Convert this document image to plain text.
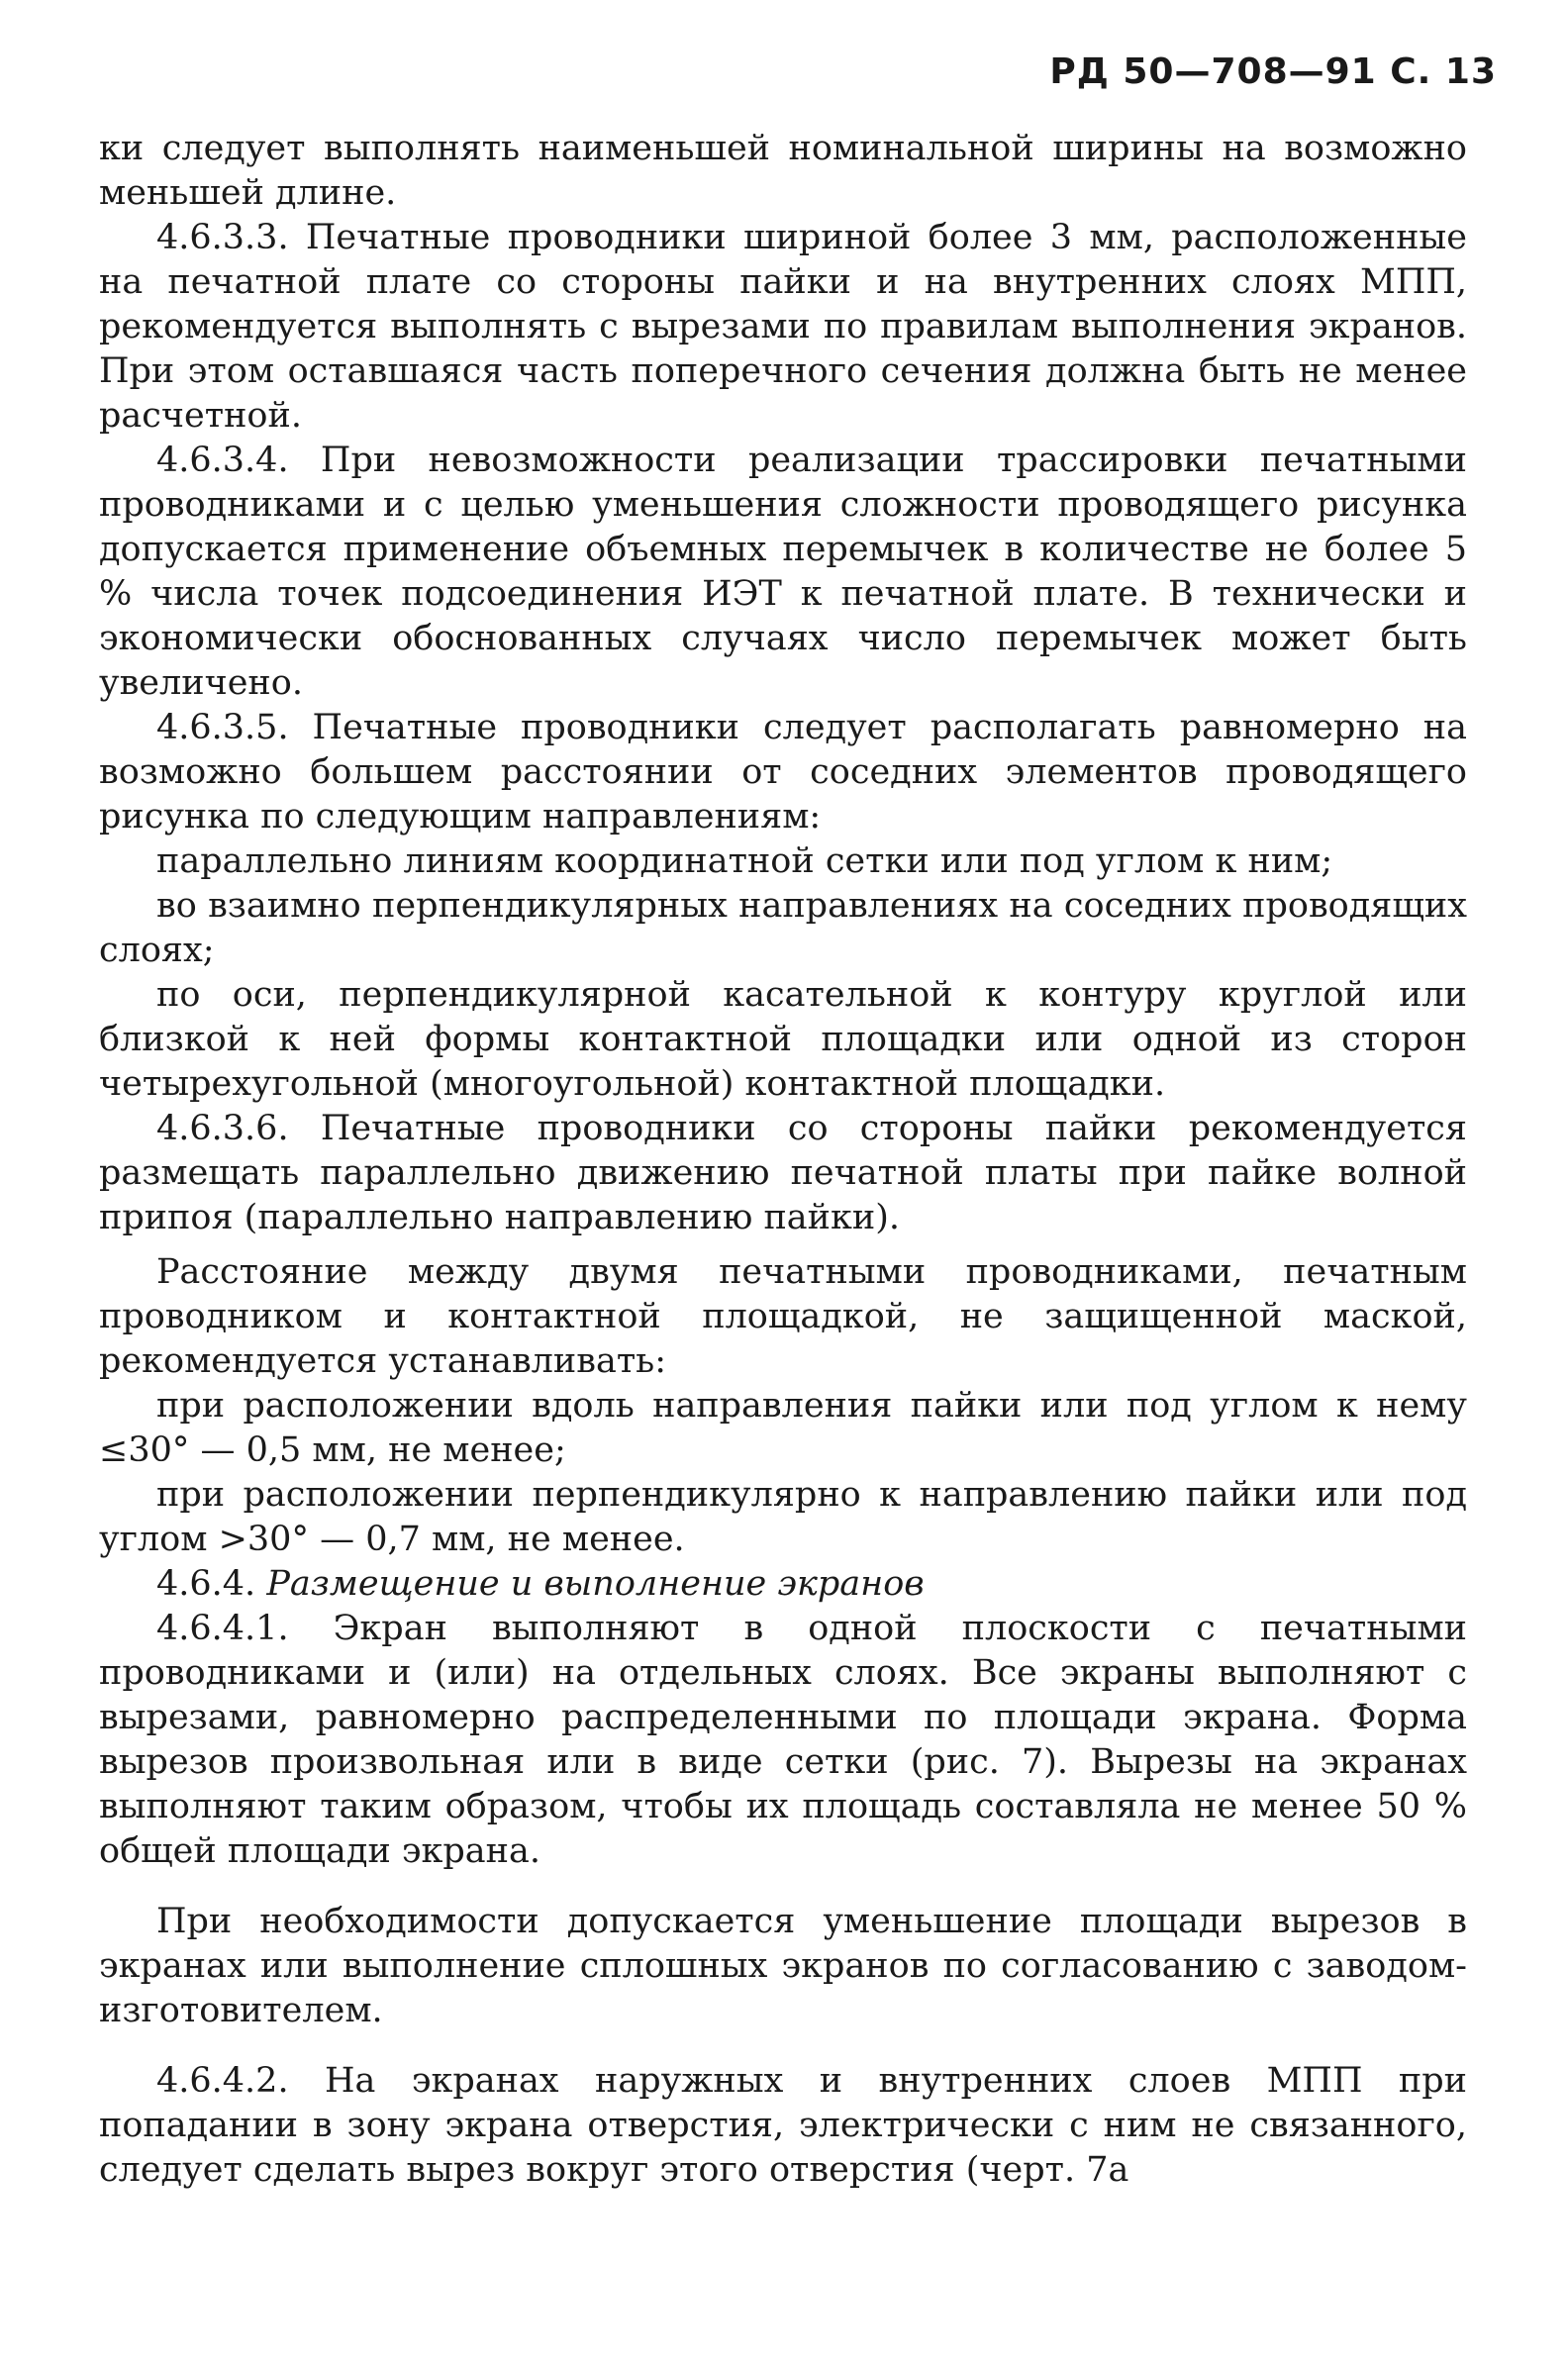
РД 50—708—91 С. 13

ки следует выполнять наименьшей номинальной ширины на возможно меньшей длине.

4.6.3.3. Печатные проводники шириной более 3 мм, расположенные на печатной плате со стороны пайки и на внутренних слоях МПП, рекомендуется выполнять с вырезами по правилам выполнения экранов. При этом оставшаяся часть поперечного сечения должна быть не менее расчетной.

4.6.3.4. При невозможности реализации трассировки печатными проводниками и с целью уменьшения сложности проводящего рисунка допускается применение объемных перемычек в количестве не более 5 % числа точек подсоединения ИЭТ к печатной плате. В технически и экономически обоснованных случаях число перемычек может быть увеличено.

4.6.3.5. Печатные проводники следует располагать равномерно на возможно большем расстоянии от соседних элементов проводящего рисунка по следующим направлениям:

параллельно линиям координатной сетки или под углом к ним;

во взаимно перпендикулярных направлениях на соседних проводящих слоях;

по оси, перпендикулярной касательной к контуру круглой или близкой к ней формы контактной площадки или одной из сторон четырехугольной (многоугольной) контактной площадки.

4.6.3.6. Печатные проводники со стороны пайки рекомендуется размещать параллельно движению печатной платы при пайке волной припоя (параллельно направлению пайки).

Расстояние между двумя печатными проводниками, печатным проводником и контактной площадкой, не защищенной маской, рекомендуется устанавливать:

при расположении вдоль направления пайки или под углом к нему ≤30° — 0,5 мм, не менее;

при расположении перпендикулярно к направлению пайки или под углом >30° — 0,7 мм, не менее.

4.6.4. Размещение и выполнение экранов

4.6.4.1. Экран выполняют в одной плоскости с печатными проводниками и (или) на отдельных слоях. Все экраны выполняют с вырезами, равномерно распределенными по площади экрана. Форма вырезов произвольная или в виде сетки (рис. 7). Вырезы на экранах выполняют таким образом, чтобы их площадь составляла не менее 50 % общей площади экрана.

При необходимости допускается уменьшение площади вырезов в экранах или выполнение сплошных экранов по согласованию с заводом-изготовителем.

4.6.4.2. На экранах наружных и внутренних слоев МПП при попадании в зону экрана отверстия, электрически с ним не связанного, следует сделать вырез вокруг этого отверстия (черт. 7а
